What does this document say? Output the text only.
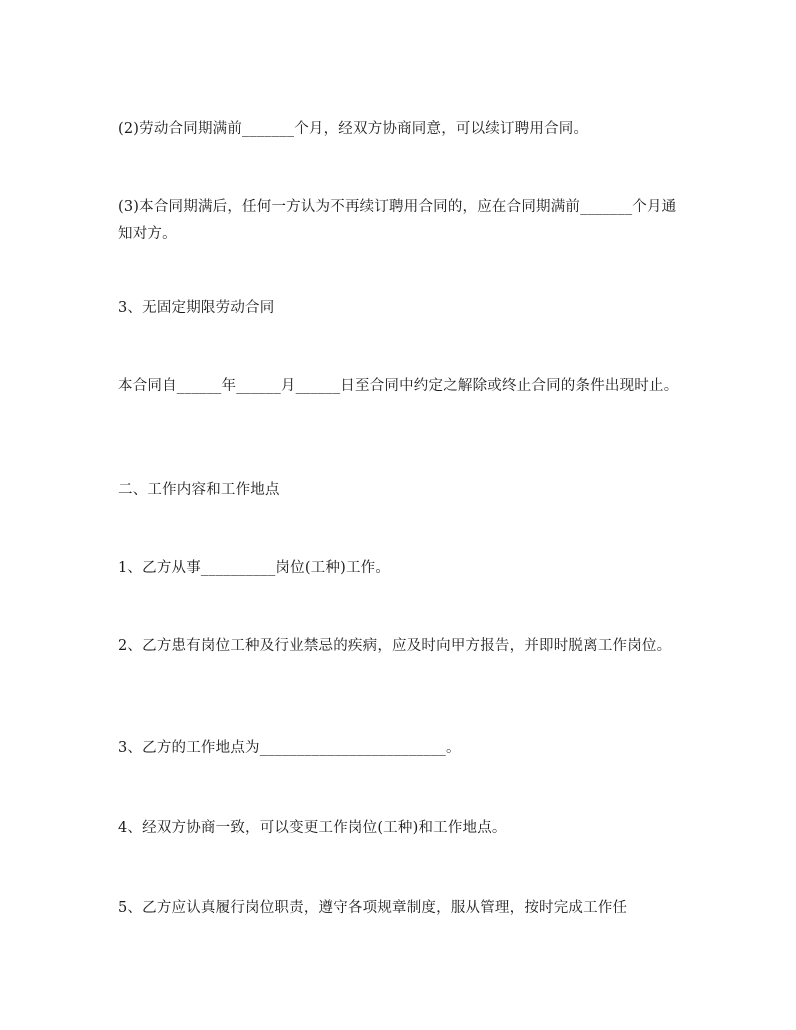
(2)劳动合同期满前_______个月，经双方协商同意，可以续订聘用合同。

(3)本合同期满后，任何一方认为不再续订聘用合同的，应在合同期满前_______个月通知对方。

3、无固定期限劳动合同

本合同自______年______月______日至合同中约定之解除或终止合同的条件出现时止。

二、工作内容和工作地点

1、乙方从事__________岗位(工种)工作。

2、乙方患有岗位工种及行业禁忌的疾病，应及时向甲方报告，并即时脱离工作岗位。

3、乙方的工作地点为_________________________。

4、经双方协商一致，可以变更工作岗位(工种)和工作地点。

5、乙方应认真履行岗位职责，遵守各项规章制度，服从管理，按时完成工作任
